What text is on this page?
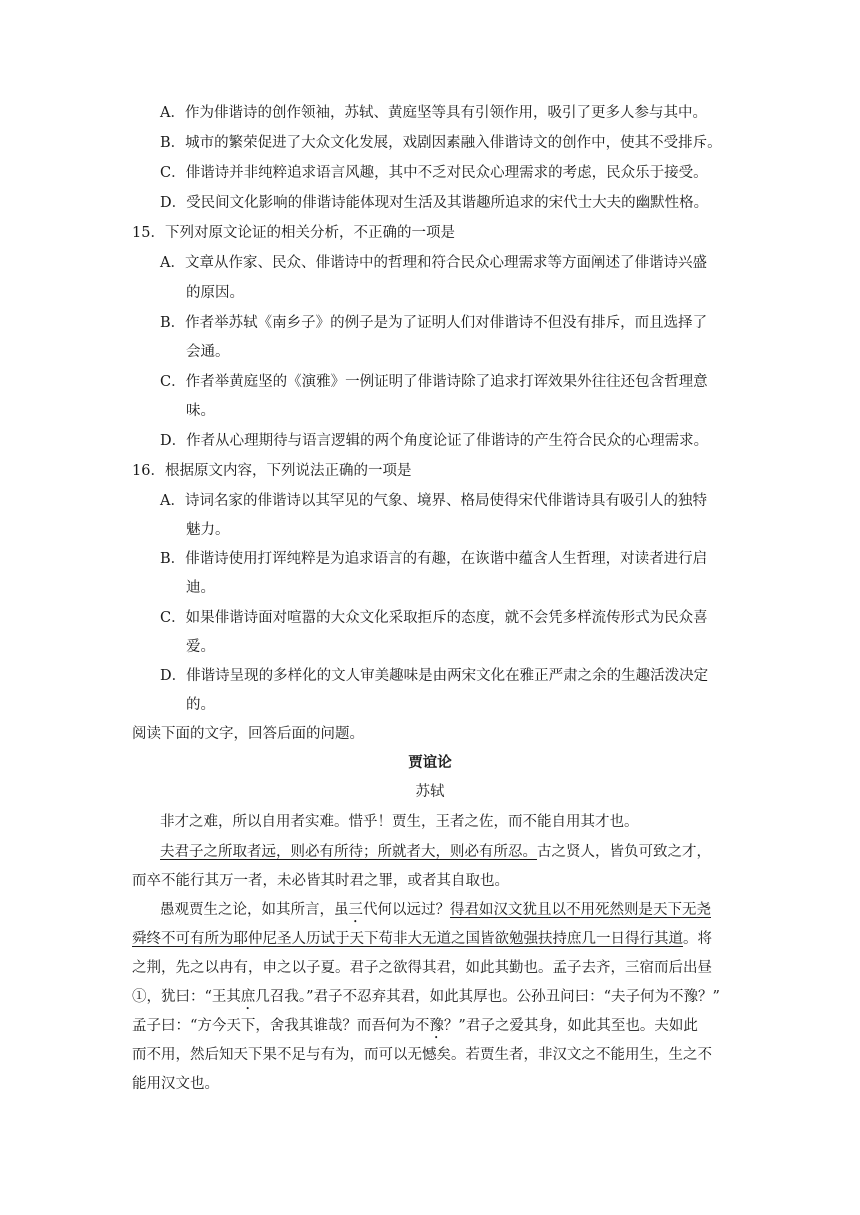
A．作为俳谐诗的创作领袖，苏轼、黄庭坚等具有引领作用，吸引了更多人参与其中。
B．城市的繁荣促进了大众文化发展，戏剧因素融入俳谐诗文的创作中，使其不受排斥。
C．俳谐诗并非纯粹追求语言风趣，其中不乏对民众心理需求的考虑，民众乐于接受。
D．受民间文化影响的俳谐诗能体现对生活及其谐趣所追求的宋代士大夫的幽默性格。
15．下列对原文论证的相关分析，不正确的一项是
A．文章从作家、民众、俳谐诗中的哲理和符合民众心理需求等方面阐述了俳谐诗兴盛
的原因。
B．作者举苏轼《南乡子》的例子是为了证明人们对俳谐诗不但没有排斥，而且选择了
会通。
C．作者举黄庭坚的《演雅》一例证明了俳谐诗除了追求打诨效果外往往还包含哲理意
味。
D．作者从心理期待与语言逻辑的两个角度论证了俳谐诗的产生符合民众的心理需求。
16．根据原文内容，下列说法正确的一项是
A．诗词名家的俳谐诗以其罕见的气象、境界、格局使得宋代俳谐诗具有吸引人的独特
魅力。
B．俳谐诗使用打诨纯粹是为追求语言的有趣，在诙谐中蕴含人生哲理，对读者进行启
迪。
C．如果俳谐诗面对喧嚣的大众文化采取拒斥的态度，就不会凭多样流传形式为民众喜
爱。
D．俳谐诗呈现的多样化的文人审美趣味是由两宋文化在雅正严肃之余的生趣活泼决定
的。
阅读下面的文字，回答后面的问题。
贾谊论
苏轼
非才之难，所以自用者实难。惜乎！贾生，王者之佐，而不能自用其才也。
夫君子之所取者远，则必有所待；所就者大，则必有所忍。古之贤人，皆负可致之才，
而卒不能行其万一者，未必皆其时君之罪，或者其自取也。
愚观贾生之论，如其所言，虽三代何以远过？得君如汉文犹且以不用死然则是天下无尧
舜终不可有所为耶仲尼圣人历试于天下苟非大无道之国皆欲勉强扶持庶几一日得行其道。将
之荆，先之以冉有，申之以子夏。君子之欲得其君，如此其勤也。孟子去齐，三宿而后出昼
①，犹曰：“王其庶几召我。”君子不忍弃其君，如此其厚也。公孙丑问曰：“夫子何为不豫？”
孟子曰：“方今天下，舍我其谁哉？而吾何为不豫？”君子之爱其身，如此其至也。夫如此
而不用，然后知天下果不足与有为，而可以无憾矣。若贾生者，非汉文之不能用生，生之不
能用汉文也。
